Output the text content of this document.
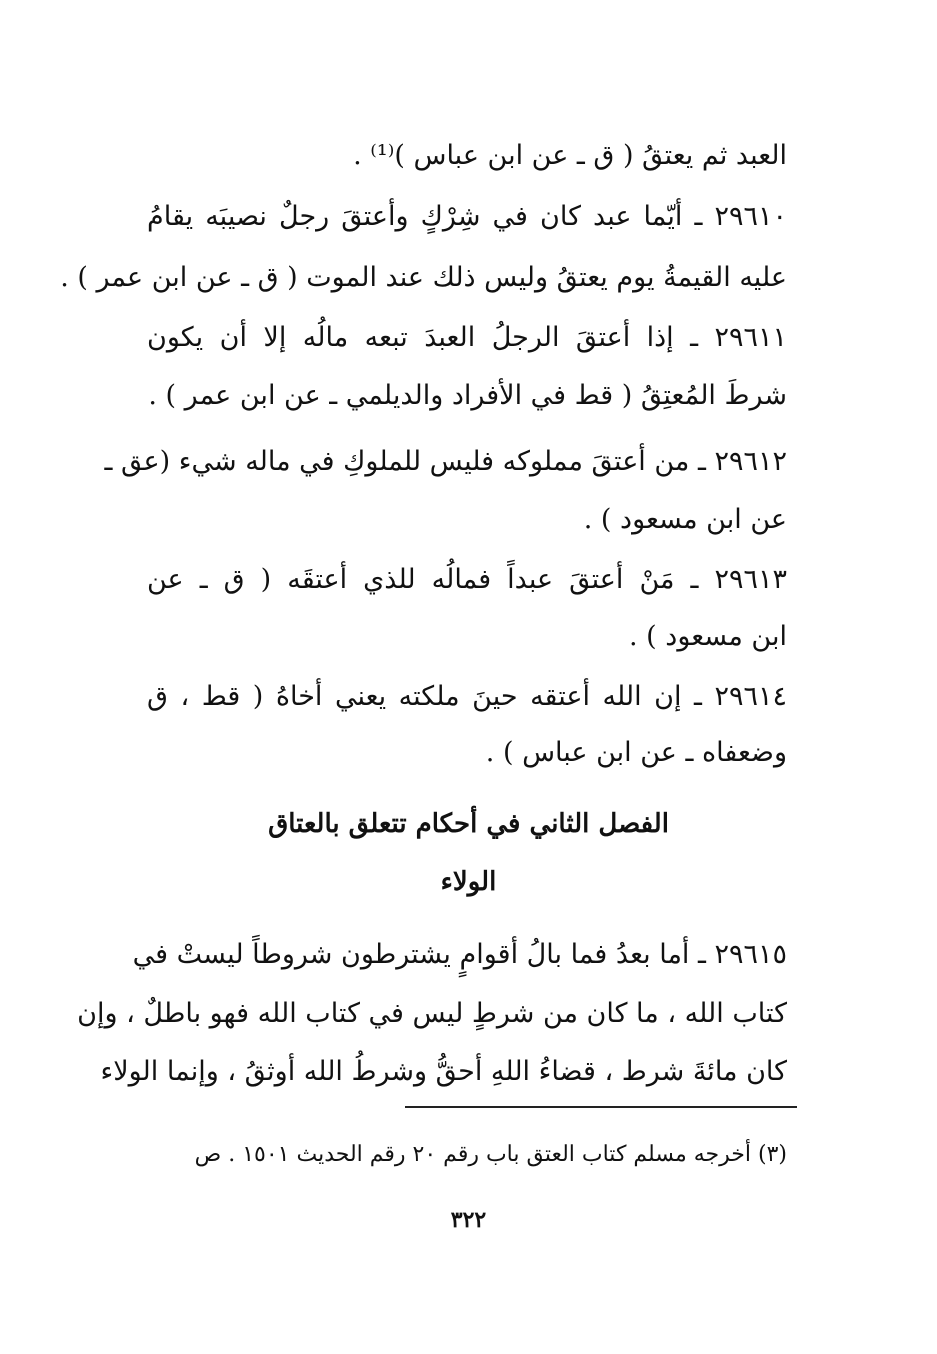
العبد ثم يعتقُ ( ق ـ عن ابن عباس )⁽¹⁾ .
٢٩٦١٠ ـ أيّما عبد كان في شِرْكٍ وأعتقَ رجلٌ نصيبَه يقامُ
عليه القيمةُ يوم يعتقُ وليس ذلك عند الموت ( ق ـ عن ابن عمر ) .
٢٩٦١١ ـ إذا أعتقَ الرجلُ العبدَ تبعه مالُه إلا أن يكون
شرطَ المُعتِقُ ( قط في الأفراد والديلمي ـ عن ابن عمر ) .
٢٩٦١٢ ـ من أعتقَ مملوكه فليس للملوكِ في ماله شيء (عق ـ
عن ابن مسعود ) .
٢٩٦١٣ ـ مَنْ أعتقَ عبداً فمالُه للذي أعتقَه ( ق ـ عن
ابن مسعود ) .
٢٩٦١٤ ـ إن الله أعتقه حينَ ملكته يعني أخاهُ ( قط ، ق
وضعفاه ـ عن ابن عباس ) .
الفصل الثاني في أحكام تتعلق بالعتاق
الولاء
٢٩٦١٥ ـ أما بعدُ فما بالُ أقوامٍ يشترطون شروطاً ليستْ في
كتاب الله ، ما كان من شرطٍ ليس في كتاب الله فهو باطلٌ ، وإن
كان مائةَ شرط ، قضاءُ اللهِ أحقُّ وشرطُ الله أوثقُ ، وإنما الولاء
(٣) أخرجه مسلم كتاب العتق باب رقم ٢٠ رقم الحديث ١٥٠١ . ص
٣٢٢
